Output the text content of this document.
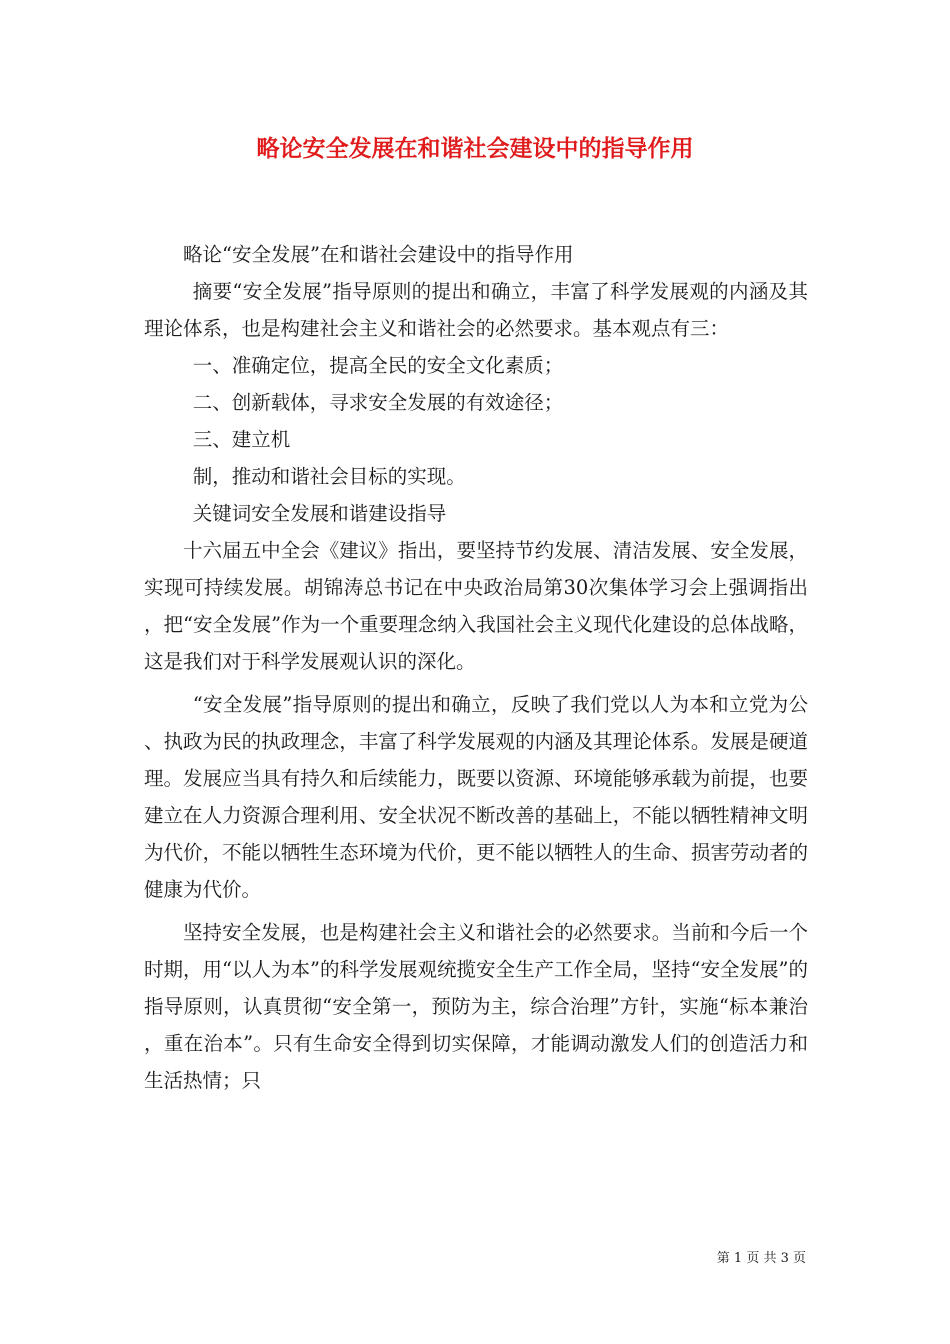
略论安全发展在和谐社会建设中的指导作用

略论“安全发展”在和谐社会建设中的指导作用

摘要“安全发展”指导原则的提出和确立，丰富了科学发展观的内涵及其理论体系，也是构建社会主义和谐社会的必然要求。基本观点有三：

一、准确定位，提高全民的安全文化素质；

二、创新载体，寻求安全发展的有效途径；

三、建立机

制，推动和谐社会目标的实现。

关键词安全发展和谐建设指导

十六届五中全会《建议》指出，要坚持节约发展、清洁发展、安全发展，实现可持续发展。胡锦涛总书记在中央政治局第30次集体学习会上强调指出，把“安全发展”作为一个重要理念纳入我国社会主义现代化建设的总体战略，这是我们对于科学发展观认识的深化。

“安全发展”指导原则的提出和确立，反映了我们党以人为本和立党为公、执政为民的执政理念，丰富了科学发展观的内涵及其理论体系。发展是硬道理。发展应当具有持久和后续能力，既要以资源、环境能够承载为前提，也要建立在人力资源合理利用、安全状况不断改善的基础上，不能以牺牲精神文明为代价，不能以牺牲生态环境为代价，更不能以牺牲人的生命、损害劳动者的健康为代价。

坚持安全发展，也是构建社会主义和谐社会的必然要求。当前和今后一个时期，用“以人为本”的科学发展观统揽安全生产工作全局，坚持“安全发展”的指导原则，认真贯彻“安全第一，预防为主，综合治理”方针，实施“标本兼治，重在治本”。只有生命安全得到切实保障，才能调动激发人们的创造活力和生活热情；只

第 1 页 共 3 页
